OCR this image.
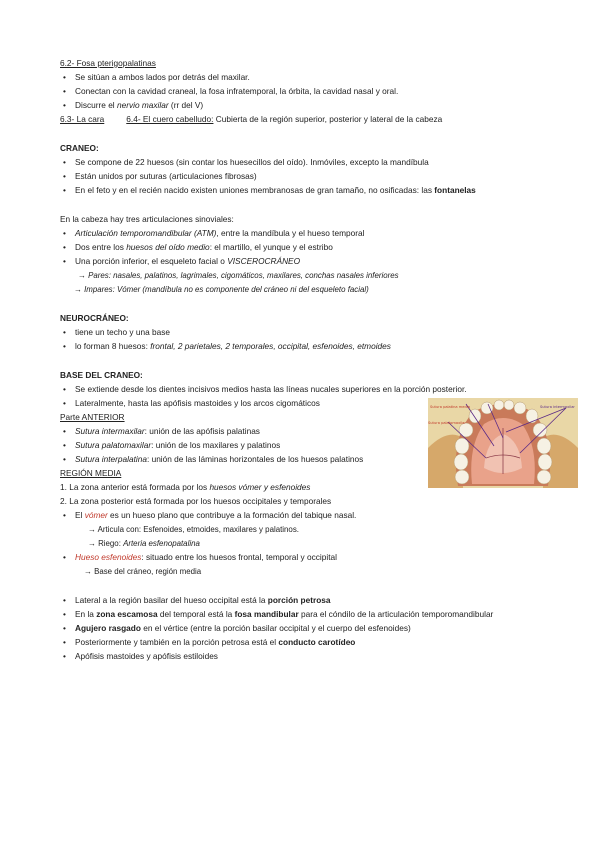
6.2- Fosa pterigopalatinas
• Se sitúan a ambos lados por detrás del maxilar.
• Conectan con la cavidad craneal, la fosa infratemporal, la órbita, la cavidad nasal y oral.
• Discurre el nervio maxilar (rr del V)
6.3- La cara	6.4- El cuero cabelludo: Cubierta de la región superior, posterior y lateral de la cabeza
CRANEO:
• Se compone de 22 huesos (sin contar los huesecillos del oído). Inmóviles, excepto la mandíbula
• Están unidos por suturas (articulaciones fibrosas)
• En el feto y en el recién nacido existen uniones membranosas de gran tamaño, no osificadas: las fontanelas
En la cabeza hay tres articulaciones sinoviales:
• Articulación temporomandibular (ATM), entre la mandíbula y el hueso temporal
• Dos entre los huesos del oído medio: el martillo, el yunque y el estribo
• Una porción inferior, el esqueleto facial o VISCEROCRÁNEO
→ Pares: nasales, palatinos, lagrimales, cigomáticos, maxilares, conchas nasales inferiores
→ Impares: Vómer (mandíbula no es componente del cráneo ni del esqueleto facial)
NEUROCRÁNEO:
• tiene un techo y una base
• lo forman 8 huesos: frontal, 2 parietales, 2 temporales, occipital, esfenoides, etmoides
BASE DEL CRANEO:
• Se extiende desde los dientes incisivos medios hasta las líneas nucales superiores en la porción posterior.
• Lateralmente, hasta las apófisis mastoides y los arcos cigomáticos
Parte ANTERIOR
• Sutura intermaxilar: unión de las apófisis palatinas
• Sutura palatomaxilar: unión de los maxilares y palatinos
• Sutura interpalatina: unión de las láminas horizontales de los huesos palatinos
REGIÓN MEDIA
1. La zona anterior está formada por los huesos vómer y esfenoides
2. La zona posterior está formada por los huesos occipitales y temporales
• El vómer es un hueso plano que contribuye a la formación del tabique nasal.
→ Articula con: Esfenoides, etmoides, maxilares y palatinos.
→ Riego: Arteria esfenopatalina
• Hueso esfenoides: situado entre los huesos frontal, temporal y occipital
→ Base del cráneo, región media
• Lateral a la región basilar del hueso occipital está la porción petrosa
• En la zona escamosa del temporal está la fosa mandibular para el cóndilo de la articulación temporomandibular
• Agujero rasgado en el vértice (entre la porción basilar occipital y el cuerpo del esfenoides)
• Posteriormente y también en la porción petrosa está el conducto carotídeo
• Apófisis mastoides y apófisis estiloides
Sutura palatina media	Sutura intermaxilar
Sutura palatomaxilar
